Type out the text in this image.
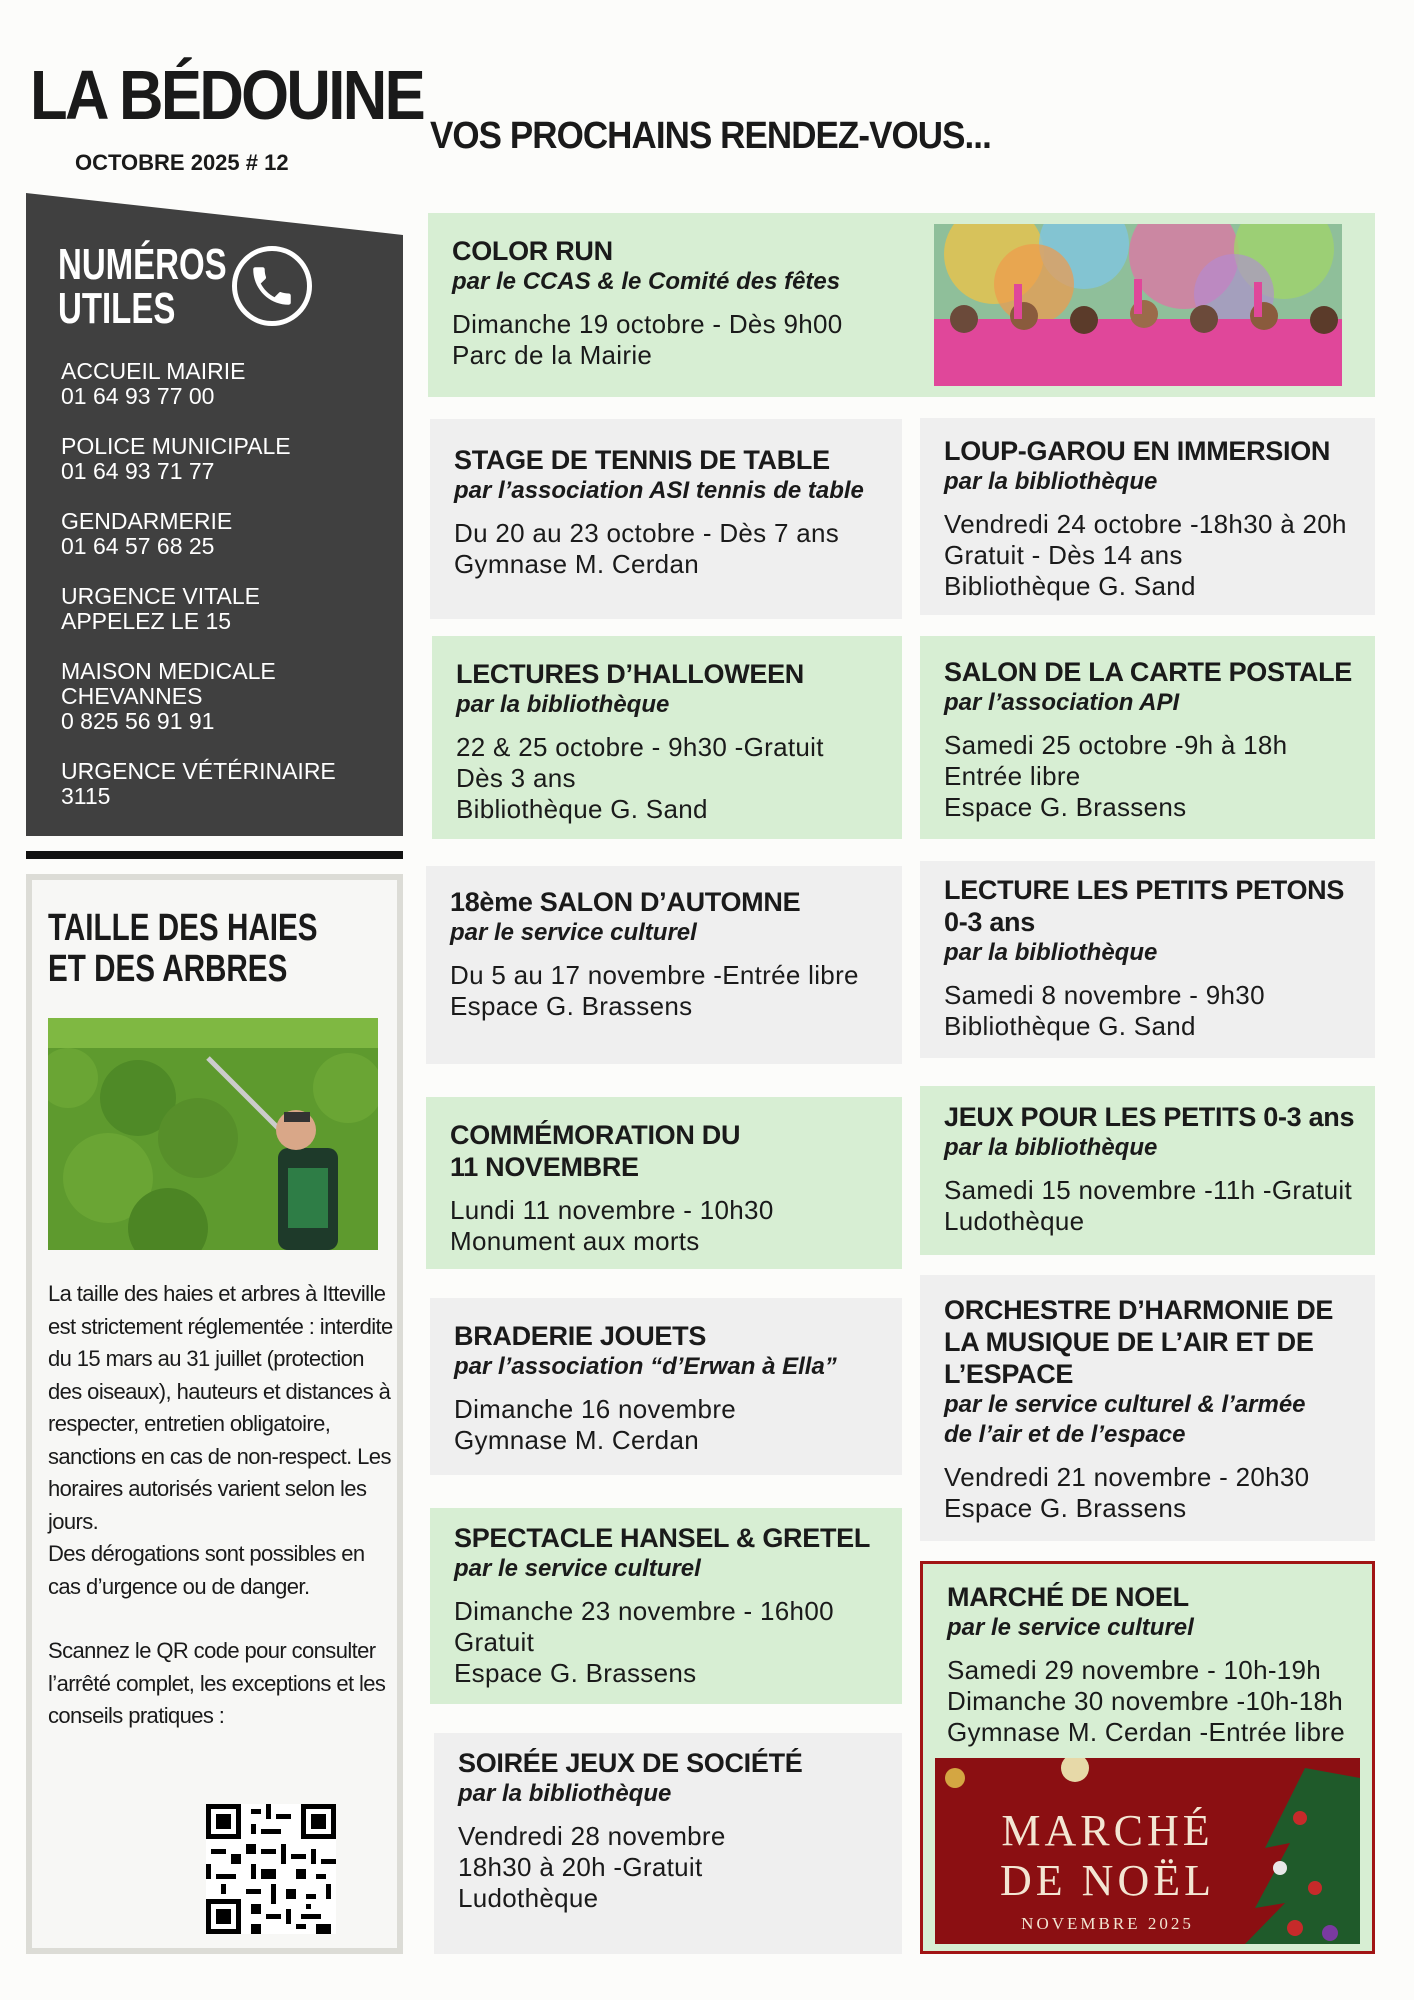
LA BÉDOUINE
OCTOBRE 2025 # 12
VOS PROCHAINS RENDEZ-VOUS...
NUMÉROS
UTILES
ACCUEIL MAIRIE
01 64 93 77 00
POLICE MUNICIPALE
01 64 93 71 77
GENDARMERIE
01 64 57 68 25
URGENCE VITALE
APPELEZ LE 15
MAISON MEDICALE
CHEVANNES
0 825 56 91 91
URGENCE VÉTÉRINAIRE
3115
TAILLE DES HAIES
ET DES ARBRES
La taille des haies et arbres à Itteville est strictement réglementée : interdite du 15 mars au 31 juillet (protection des oiseaux), hauteurs et distances à respecter, entretien obligatoire, sanctions en cas de non-respect. Les horaires autorisés varient selon les jours.
Des dérogations sont possibles en cas d’urgence ou de danger.
Scannez le QR code pour consulter l’arrêté complet, les exceptions et les conseils pratiques :
COLOR RUN
par le CCAS & le Comité des fêtes
Dimanche 19 octobre - Dès 9h00
Parc de la Mairie
STAGE DE TENNIS DE TABLE
par l’association ASI tennis de table
Du 20 au 23 octobre - Dès 7 ans
Gymnase M. Cerdan
LOUP-GAROU EN IMMERSION
par la bibliothèque
Vendredi 24 octobre -18h30 à 20h
Gratuit - Dès 14 ans
Bibliothèque G. Sand
LECTURES D’HALLOWEEN
par la bibliothèque
22 & 25 octobre - 9h30 -Gratuit
Dès 3 ans
Bibliothèque G. Sand
SALON DE LA CARTE POSTALE
par l’association API
Samedi 25 octobre -9h à 18h
Entrée libre
Espace G. Brassens
18ème SALON D’AUTOMNE
par le service culturel
Du 5 au 17 novembre -Entrée libre
Espace G. Brassens
LECTURE LES PETITS PETONS
0-3 ans
par la bibliothèque
Samedi 8 novembre - 9h30
Bibliothèque G. Sand
COMMÉMORATION DU
11 NOVEMBRE
Lundi 11 novembre - 10h30
Monument aux morts
JEUX POUR LES PETITS 0-3 ans
par la bibliothèque
Samedi 15 novembre -11h -Gratuit
Ludothèque
BRADERIE JOUETS
par l’association “d’Erwan à Ella”
Dimanche 16 novembre
Gymnase M. Cerdan
ORCHESTRE D’HARMONIE DE
LA MUSIQUE DE L’AIR ET DE
L’ESPACE
par le service culturel & l’armée
de l’air et de l’espace
Vendredi 21 novembre - 20h30
Espace G. Brassens
SPECTACLE HANSEL & GRETEL
par le service culturel
Dimanche 23 novembre - 16h00
Gratuit
Espace G. Brassens
MARCHÉ DE NOEL
par le service culturel
Samedi 29 novembre - 10h-19h
Dimanche 30 novembre -10h-18h
Gymnase M. Cerdan -Entrée libre
MARCHÉ
DE NOËL
NOVEMBRE 2025
SOIRÉE JEUX DE SOCIÉTÉ
par la bibliothèque
Vendredi 28 novembre
18h30 à 20h -Gratuit
Ludothèque
